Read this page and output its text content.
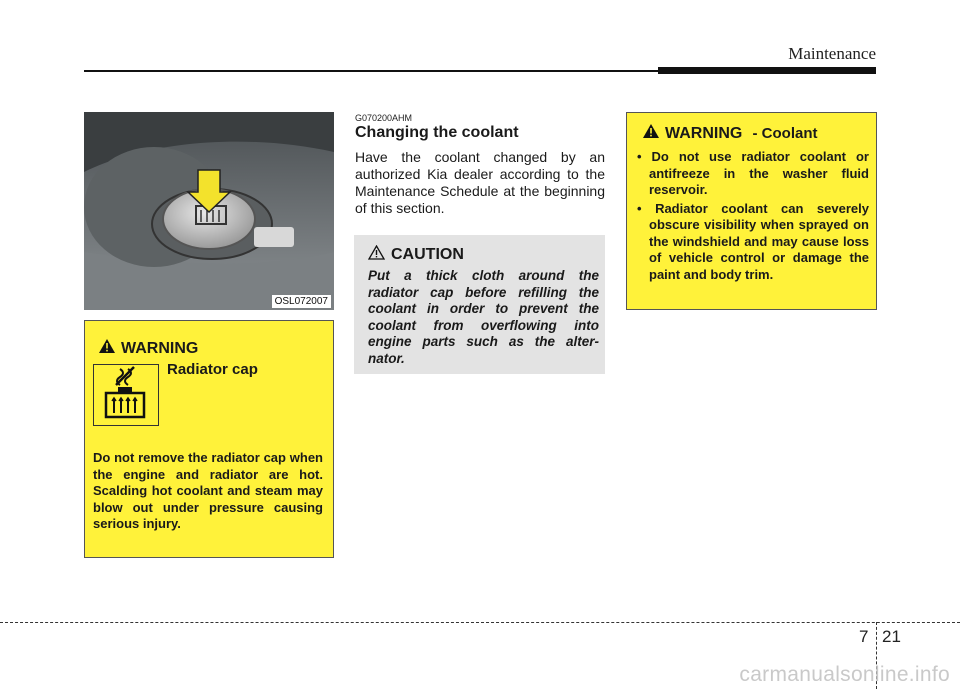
Maintenance
OSL072007
WARNING
Radiator cap
Do not remove the radiator cap when the engine and radiator are hot. Scalding hot coolant and steam may blow out under pressure causing serious injury.
G070200AHM
Changing the coolant
Have the coolant changed by an authorized Kia dealer according to the Maintenance Schedule at the beginning of this section.
CAUTION
Put a thick cloth around the radiator cap before refilling the coolant in order to prevent the coolant from overflowing into engine parts such as the alter-nator.
WARNING - Coolant
• Do not use radiator coolant or antifreeze in the washer fluid reservoir.
• Radiator coolant can severely obscure visibility when sprayed on the windshield and may cause loss of vehicle control or damage the paint and body trim.
7 21
carmanualsonline.info
